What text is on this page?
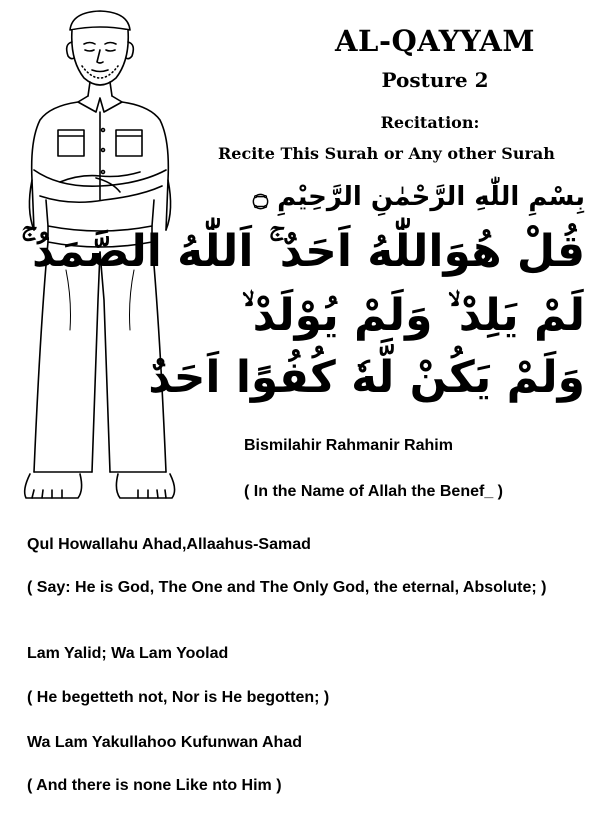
AL-QAYYAM
Posture 2
Recitation:
Recite This Surah or Any other Surah
بِسْمِ اللّٰهِ الرَّحْمٰنِ الرَّحِيْمِ ۝
قُلْ هُوَاللّٰهُ اَحَدٌ ۚ اَللّٰهُ الصَّمَدُ ۚ
لَمْ يَلِدْ ۙ وَلَمْ يُوْلَدْ ۙ
وَلَمْ يَكُنْ لَّهٗ كُفُوًا اَحَدٌ
Bismilahir Rahmanir Rahim
( In the Name of Allah the Benef_ )
Qul Howallahu Ahad,Allaahus-Samad
( Say: He is God, The One and The Only God, the eternal, Absolute; )
Lam Yalid; Wa Lam Yoolad
( He begetteth not, Nor is He begotten; )
Wa Lam Yakullahoo Kufunwan Ahad
( And there is none Like nto Him )
